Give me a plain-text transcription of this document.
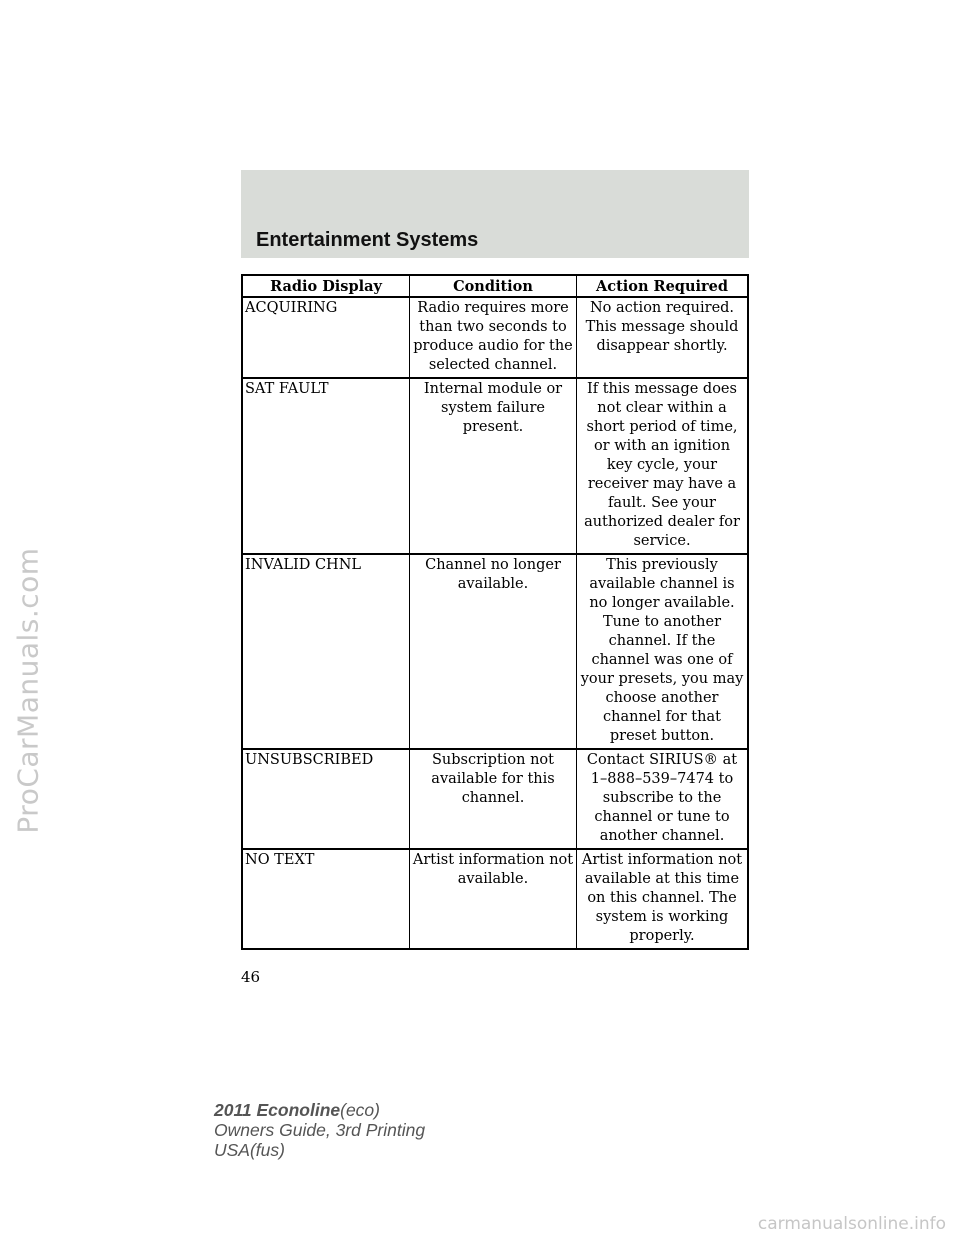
ProCarManuals.com
Entertainment Systems
Radio Display	Condition	Action Required
ACQUIRING	Radio requires more than two seconds to produce audio for the selected channel.	No action required. This message should disappear shortly.
SAT FAULT	Internal module or system failure present.	If this message does not clear within a short period of time, or with an ignition key cycle, your receiver may have a fault. See your authorized dealer for service.
INVALID CHNL	Channel no longer available.	This previously available channel is no longer available. Tune to another channel. If the channel was one of your presets, you may choose another channel for that preset button.
UNSUBSCRIBED	Subscription not available for this channel.	Contact SIRIUS® at 1–888–539–7474 to subscribe to the channel or tune to another channel.
NO TEXT	Artist information not available.	Artist information not available at this time on this channel. The system is working properly.
46
2011 Econoline(eco)
Owners Guide, 3rd Printing
USA(fus)
carmanualsonline.info
